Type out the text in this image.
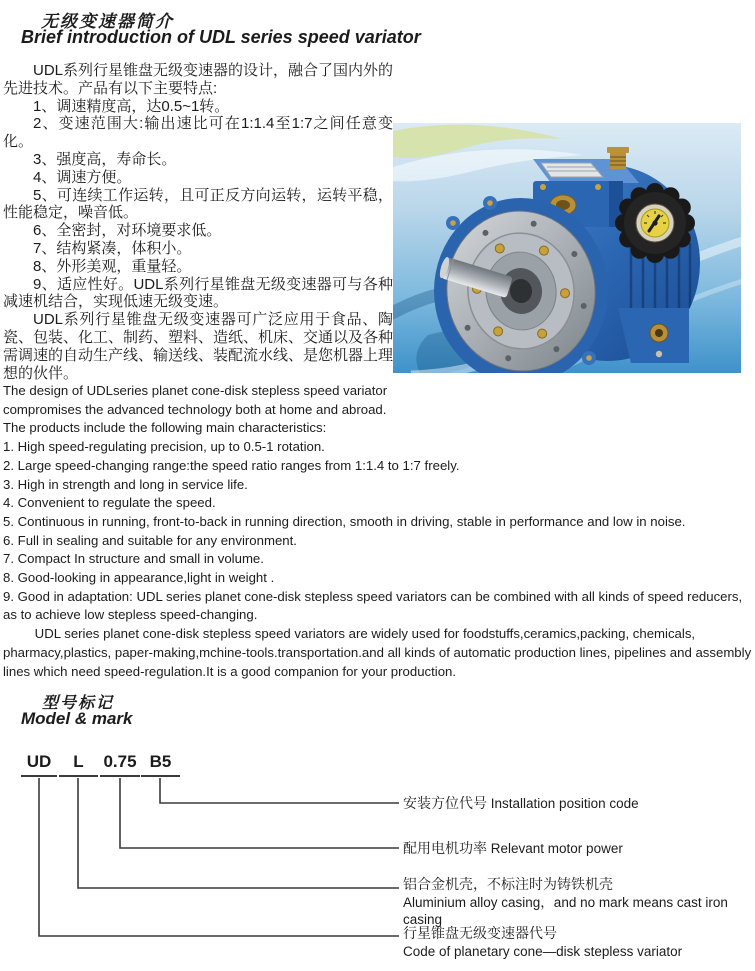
无级变速器简介
Brief introduction of UDL series speed variator

UDL系列行星锥盘无级变速器的设计，融合了国内外的先进技术。产品有以下主要特点:

1、调速精度高，达0.5~1转。

2、变速范围大:输出速比可在1:1.4至1:7之间任意变化。

3、强度高，寿命长。

4、调速方便。

5、可连续工作运转，且可正反方向运转，运转平稳，性能稳定，噪音低。

6、全密封，对环境要求低。

7、结构紧凑，体积小。

8、外形美观，重量轻。

9、适应性好。UDL系列行星锥盘无级变速器可与各种减速机结合，实现低速无级变速。

UDL系列行星锥盘无级变速器可广泛应用于食品、陶瓷、包装、化工、制药、塑料、造纸、机床、交通以及各种需调速的自动生产线、输送线、装配流水线、是您机器上理想的伙伴。

The design of UDLseries planet cone-disk stepless speed variator

compromises the advanced technology both at home and abroad.

The products include the following main characteristics:

1. High speed-regulating precision, up to 0.5-1 rotation.

2. Large speed-changing range:the speed ratio ranges from 1:1.4 to 1:7 freely.

3. High in strength and long in service life.

4. Convenient to regulate the speed.

5. Continuous in running, front-to-back in running direction, smooth in driving, stable in performance and low in noise.

6. Full in sealing and suitable for any environment.

7. Compact In structure and small in volume.

8. Good-looking in appearance,light in weight .

9. Good in adaptation: UDL series planet cone-disk stepless speed variators can be combined with all kinds of speed reducers, as to achieve low stepless speed-changing.

UDL series planet cone-disk stepless speed variators are widely used for foodstuffs,ceramics,packing, chemicals, pharmacy,plastics, paper-making,mchine-tools.transportation.and all kinds of automatic production lines, pipelines and assembly lines which need speed-regulation.It is a good companion for your production.

型号标记
Model & mark
UD	L	0.75 B5
安装方位代号 Installation position code
配用电机功率 Relevant motor power
铝合金机壳，不标注时为铸铁机壳
Aluminium alloy casing，and no mark means cast iron casing
行星锥盘无级变速器代号
Code of planetary cone—disk stepless variator
